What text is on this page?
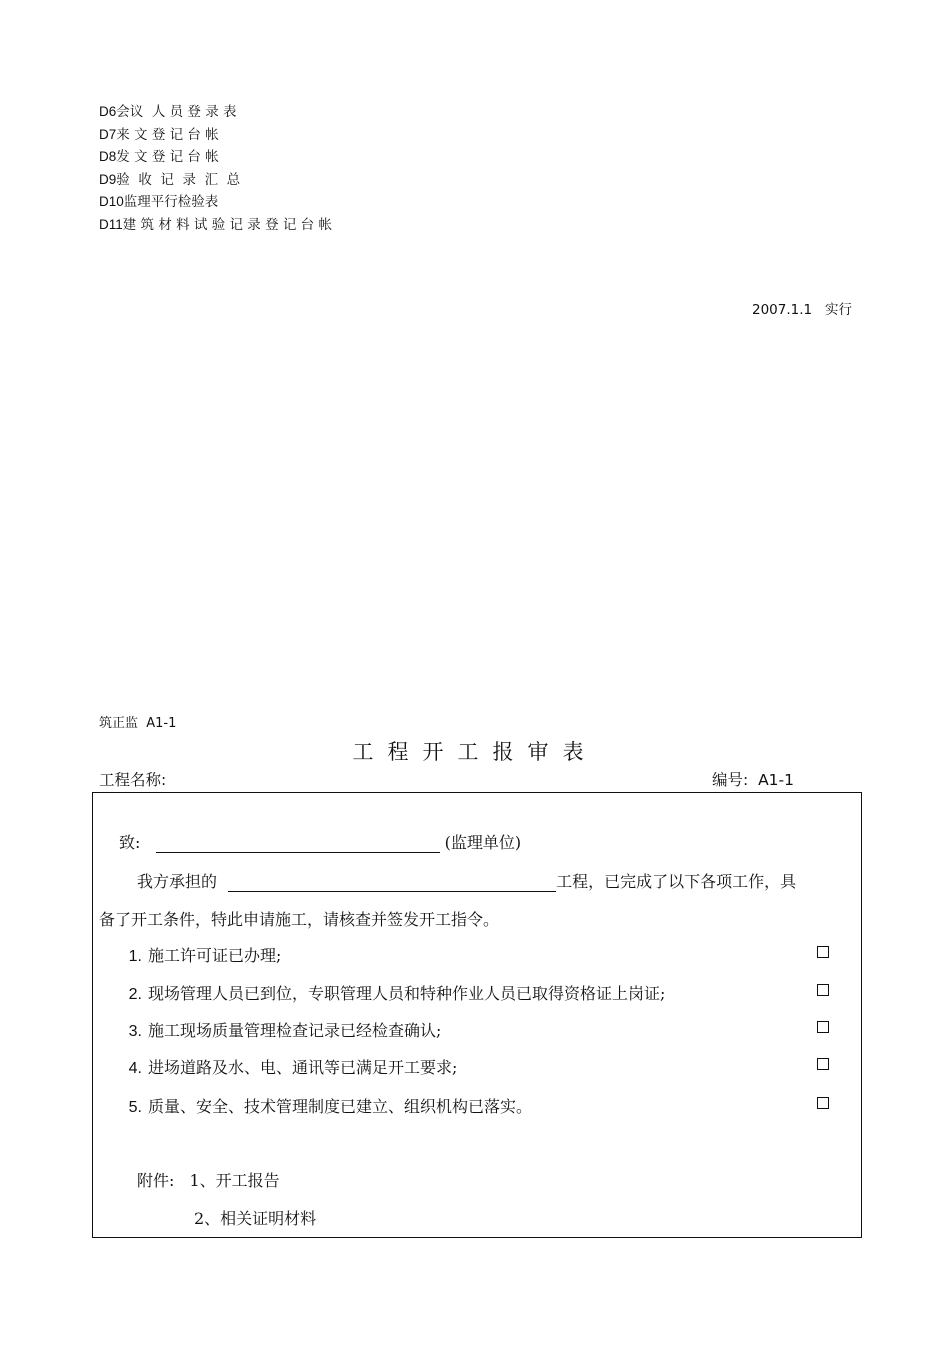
D6会议  人 员 登 录 表
D7来 文 登 记 台 帐
D8发 文 登 记 台 帐
D9验  收  记  录  汇  总
D10监理平行检验表
D11建 筑 材 料 试 验 记 录 登 记 台 帐
2007.1.1   实行
筑正监  A1-1
工程开工报审表
工程名称:	编号:  A1-1
致:	(监理单位)
我方承担的	工程，已完成了以下各项工作，具
备了开工条件，特此申请施工，请核查并签发开工指令。
1. 施工许可证已办理;
2. 现场管理人员已到位，专职管理人员和特种作业人员已取得资格证上岗证;
3. 施工现场质量管理检查记录已经检查确认;
4. 进场道路及水、电、通讯等已满足开工要求;
5. 质量、安全、技术管理制度已建立、组织机构已落实。
附件: 1、开工报告
2、相关证明材料
